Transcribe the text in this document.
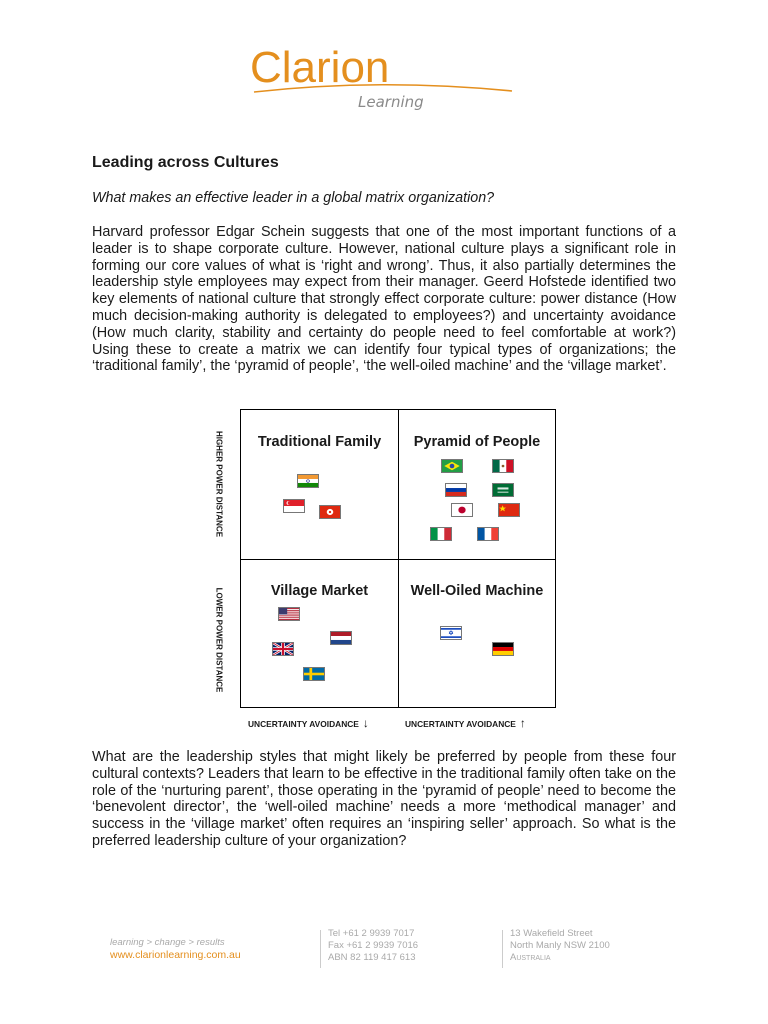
Clarion
Learning
Leading across Cultures

What makes an effective leader in a global matrix organization?

Harvard professor Edgar Schein suggests that one of the most important functions of a leader is to shape corporate culture. However, national culture plays a significant role in forming our core values of what is ‘right and wrong’. Thus, it also partially determines the leadership style employees may expect from their manager. Geerd Hofstede identified two key elements of national culture that strongly effect corporate culture: power distance (How much decision-making authority is delegated to employees?) and uncertainty avoidance (How much clarity, stability and certainty do people need to feel comfortable at work?) Using these to create a matrix we can identify four typical types of organizations; the ‘traditional family’, the ‘pyramid of people’, ‘the well-oiled machine’ and the ‘village market’.

HIGHER POWER DISTANCE
LOWER POWER DISTANCE
Traditional Family	Pyramid of People
Village Market	Well-Oiled Machine
UNCERTAINTY AVOIDANCE ↓	UNCERTAINTY AVOIDANCE ↑

What are the leadership styles that might likely be preferred by people from these four cultural contexts? Leaders that learn to be effective in the traditional family often take on the role of the ‘nurturing parent’, those operating in the ‘pyramid of people’ need to become the ‘benevolent director’, the ‘well-oiled machine’ needs a more ‘methodical manager’ and success in the ‘village market’ often requires an ‘inspiring seller’ approach. So what is the preferred leadership culture of your organization?

learning > change > results
www.clarionlearning.com.au
Tel +61 2 9939 7017
Fax +61 2 9939 7016
ABN 82 119 417 613
13 Wakefield Street
North Manly NSW 2100
Australia
